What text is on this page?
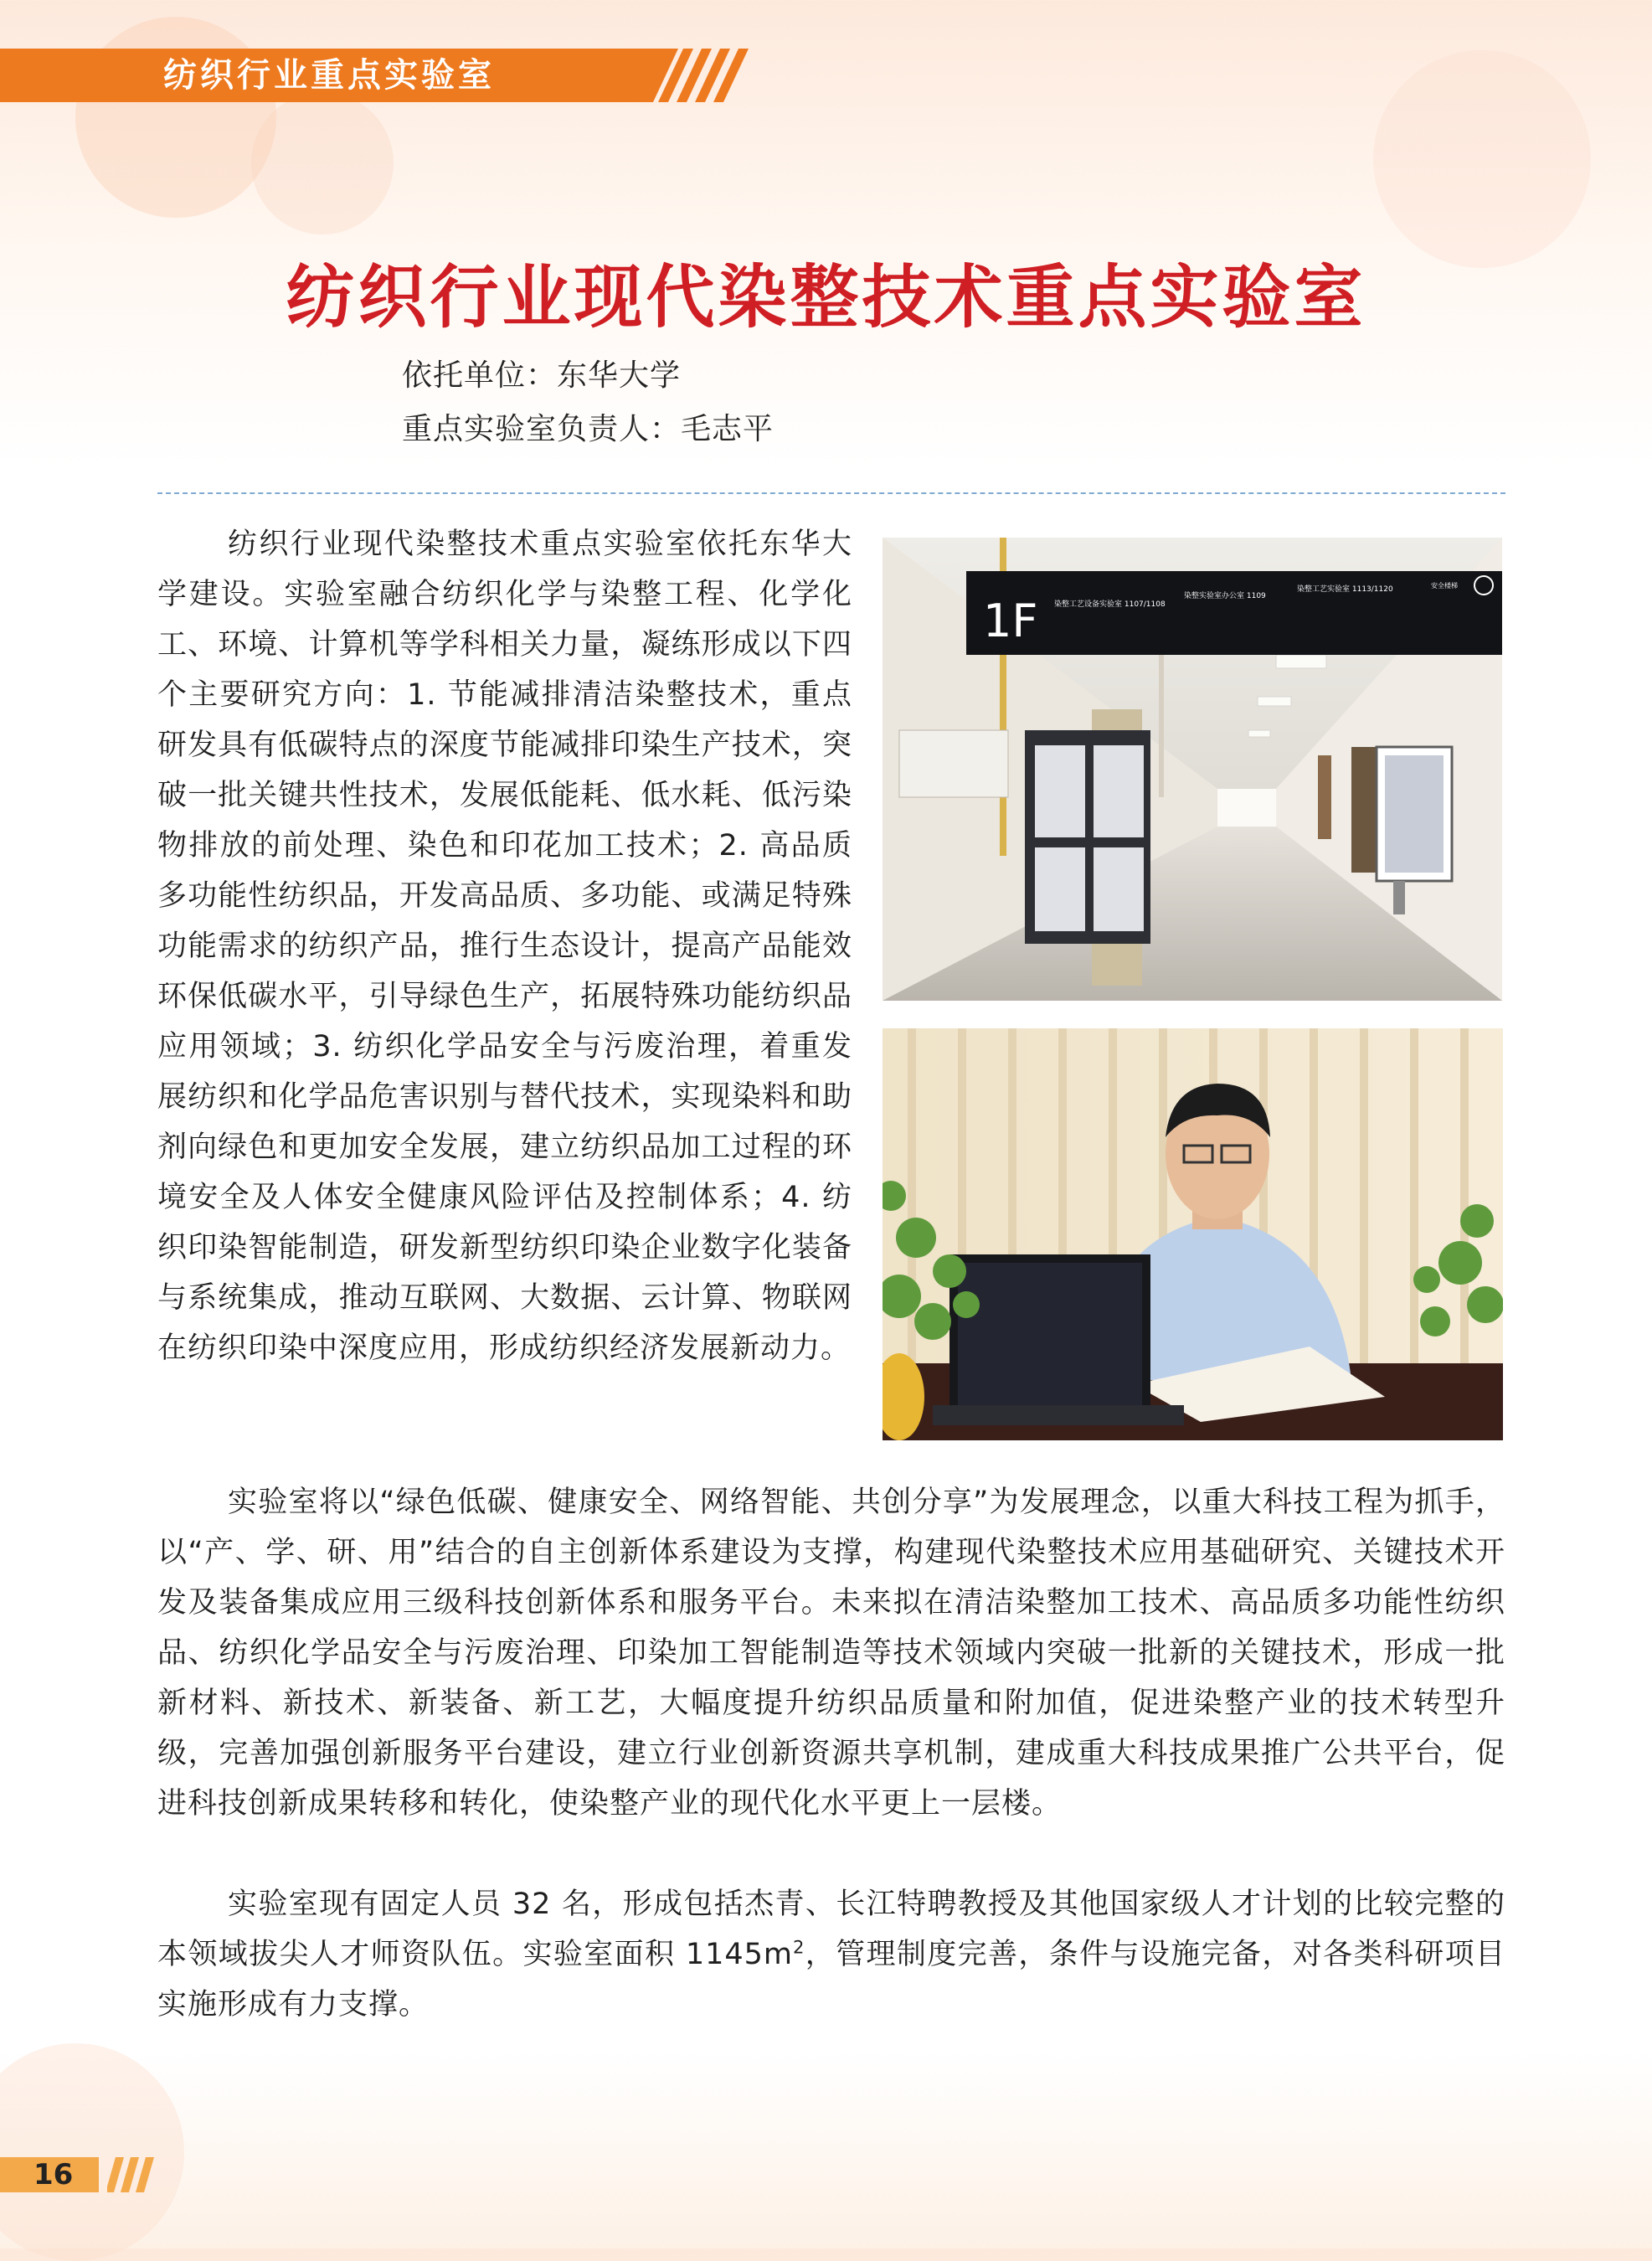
纺织行业重点实验室
纺织行业现代染整技术重点实验室
依托单位：东华大学
重点实验室负责人：毛志平

纺织行业现代染整技术重点实验室依托东华大学建设。实验室融合纺织化学与染整工程、化学化工、环境、计算机等学科相关力量，凝练形成以下四个主要研究方向：1. 节能减排清洁染整技术，重点研发具有低碳特点的深度节能减排印染生产技术，突破一批关键共性技术，发展低能耗、低水耗、低污染物排放的前处理、染色和印花加工技术；2. 高品质多功能性纺织品，开发高品质、多功能、或满足特殊功能需求的纺织产品，推行生态设计，提高产品能效环保低碳水平，引导绿色生产，拓展特殊功能纺织品应用领域；3. 纺织化学品安全与污废治理，着重发展纺织和化学品危害识别与替代技术，实现染料和助剂向绿色和更加安全发展，建立纺织品加工过程的环境安全及人体安全健康风险评估及控制体系；4. 纺织印染智能制造，研发新型纺织印染企业数字化装备与系统集成，推动互联网、大数据、云计算、物联网在纺织印染中深度应用，形成纺织经济发展新动力。

实验室将以“绿色低碳、健康安全、网络智能、共创分享”为发展理念，以重大科技工程为抓手，以“产、学、研、用”结合的自主创新体系建设为支撑，构建现代染整技术应用基础研究、关键技术开发及装备集成应用三级科技创新体系和服务平台。未来拟在清洁染整加工技术、高品质多功能性纺织品、纺织化学品安全与污废治理、印染加工智能制造等技术领域内突破一批新的关键技术，形成一批新材料、新技术、新装备、新工艺，大幅度提升纺织品质量和附加值，促进染整产业的技术转型升级，完善加强创新服务平台建设，建立行业创新资源共享机制，建成重大科技成果推广公共平台，促进科技创新成果转移和转化，使染整产业的现代化水平更上一层楼。

实验室现有固定人员 32 名，形成包括杰青、长江特聘教授及其他国家级人才计划的比较完整的本领域拔尖人才师资队伍。实验室面积 $1145m^2$，管理制度完善，条件与设施完备，对各类科研项目实施形成有力支撑。

1F 染整工艺设备实验室 1107/1108
染整实验室办公室 1109
染整工艺实验室 1113/1120	安全楼梯
16
